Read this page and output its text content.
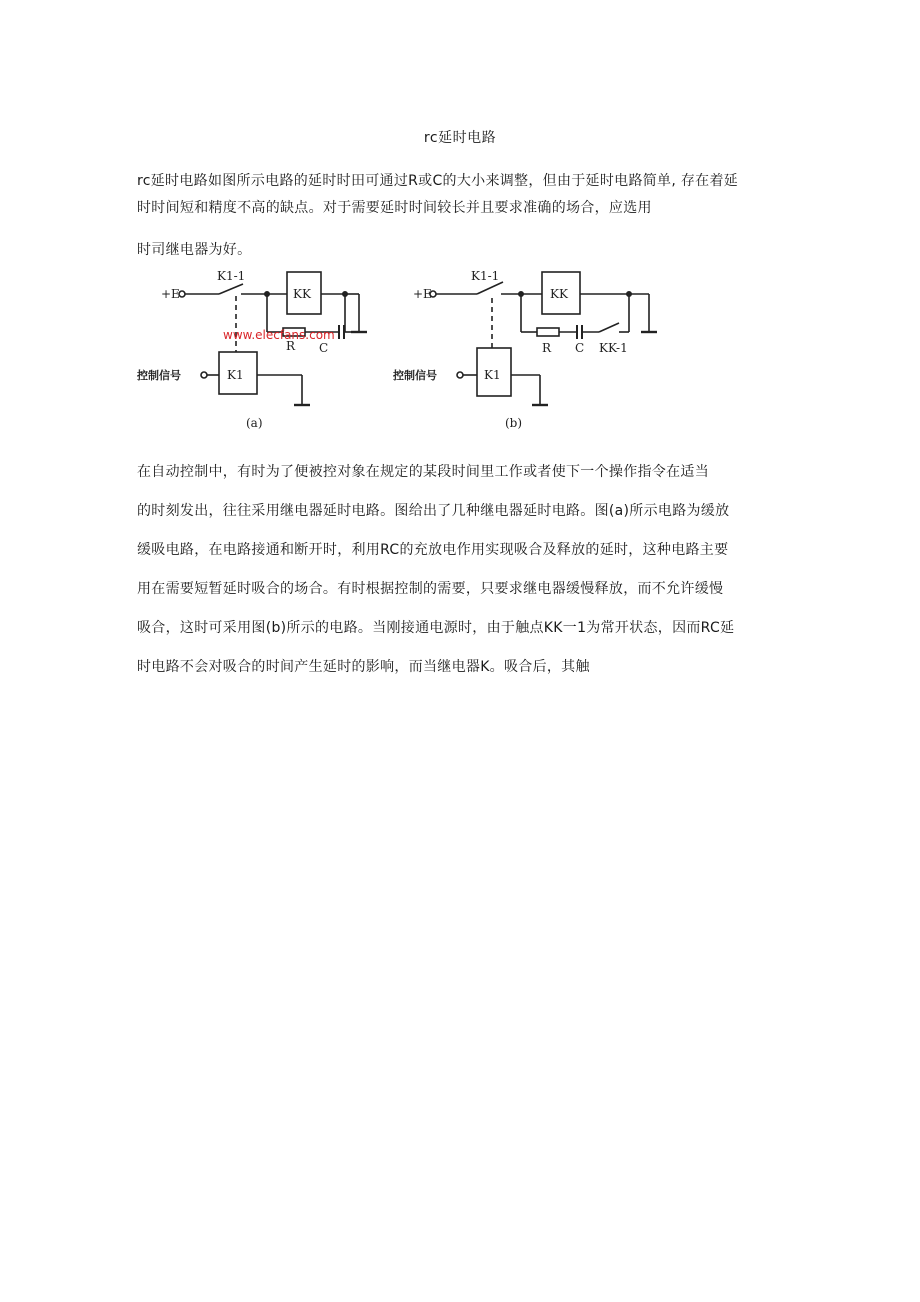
rc延时电路

rc延时电路如图所示电路的延时时田可通过R或C的大小来调整，但由于延时电路简单, 存在着延
时时间短和精度不高的缺点。对于需要延时时间较长并且要求准确的场合，应选用

时司继电器为好。

+E
K1-1
KK
R C
K1
(a)
控制信号
www.elecfans.com
+E
K1-1
KK
R C KK-1
K1
(b)
控制信号

在自动控制中，有时为了便被控对象在规定的某段时间里工作或者使下一个操作指令在适当
的时刻发出，往往采用继电器延时电路。图给出了几种继电器延时电路。图(a)所示电路为缓放
缓吸电路，在电路接通和断开时，利用RC的充放电作用实现吸合及释放的延时，这种电路主要
用在需要短暂延时吸合的场合。有时根据控制的需要，只要求继电器缓慢释放，而不允许缓慢
吸合，这时可采用图(b)所示的电路。当刚接通电源时，由于触点KK一1为常开状态，因而RC延
时电路不会对吸合的时间产生延时的影响，而当继电器K。吸合后，其触
